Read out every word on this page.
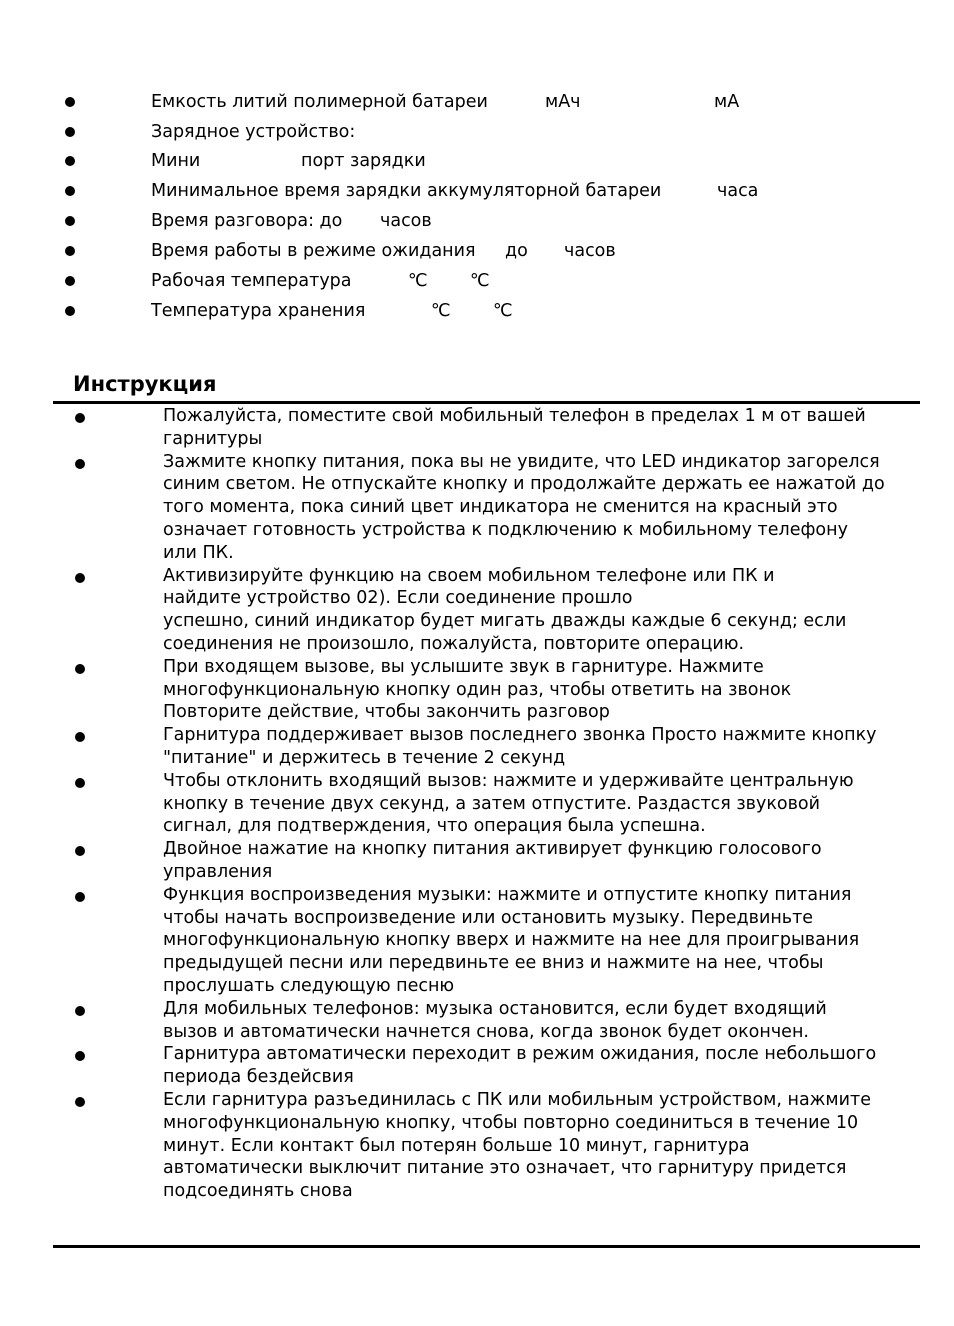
Емкость литий полимерной батареи	мАч	мА
Зарядное устройство:
Мини	порт зарядки
Минимальное время зарядки аккумуляторной батареи	часа
Время разговора: до часов
Время работы в режиме ожидания до часов
Рабочая температура	℃ ℃
Температура хранения	℃ ℃
Инструкция
Пожалуйста, поместите свой мобильный телефон в пределах 1 м от вашей
гарнитуры
Зажмите кнопку питания, пока вы не увидите, что LED индикатор загорелся
синим светом. Не отпускайте кнопку и продолжайте держать ее нажатой до
того момента, пока синий цвет индикатора не сменится на красный это
означает готовность устройства к подключению к мобильному телефону
или ПК.
Активизируйте функцию на своем мобильном телефоне или ПК и
найдите устройство 02). Если соединение прошло
успешно, синий индикатор будет мигать дважды каждые 6 секунд; если
соединения не произошло, пожалуйста, повторите операцию.
При входящем вызове, вы услышите звук в гарнитуре. Нажмите
многофункциональную кнопку один раз, чтобы ответить на звонок
Повторите действие, чтобы закончить разговор
Гарнитура поддерживает вызов последнего звонка Просто нажмите кнопку
"питание" и держитесь в течение 2 секунд
Чтобы отклонить входящий вызов: нажмите и удерживайте центральную
кнопку в течение двух секунд, а затем отпустите. Раздастся звуковой
сигнал, для подтверждения, что операция была успешна.
Двойное нажатие на кнопку питания активирует функцию голосового
управления
Функция воспроизведения музыки: нажмите и отпустите кнопку питания
чтобы начать воспроизведение или остановить музыку. Передвиньте
многофункциональную кнопку вверх и нажмите на нее для проигрывания
предыдущей песни или передвиньте ее вниз и нажмите на нее, чтобы
прослушать следующую песню
Для мобильных телефонов: музыка остановится, если будет входящий
вызов и автоматически начнется снова, когда звонок будет окончен.
Гарнитура автоматически переходит в режим ожидания, после небольшого
периода бездейсвия
Если гарнитура разъединилась с ПК или мобильным устройством, нажмите
многофункциональную кнопку, чтобы повторно соединиться в течение 10
минут. Если контакт был потерян больше 10 минут, гарнитура
автоматически выключит питание это означает, что гарнитуру придется
подсоединять снова
